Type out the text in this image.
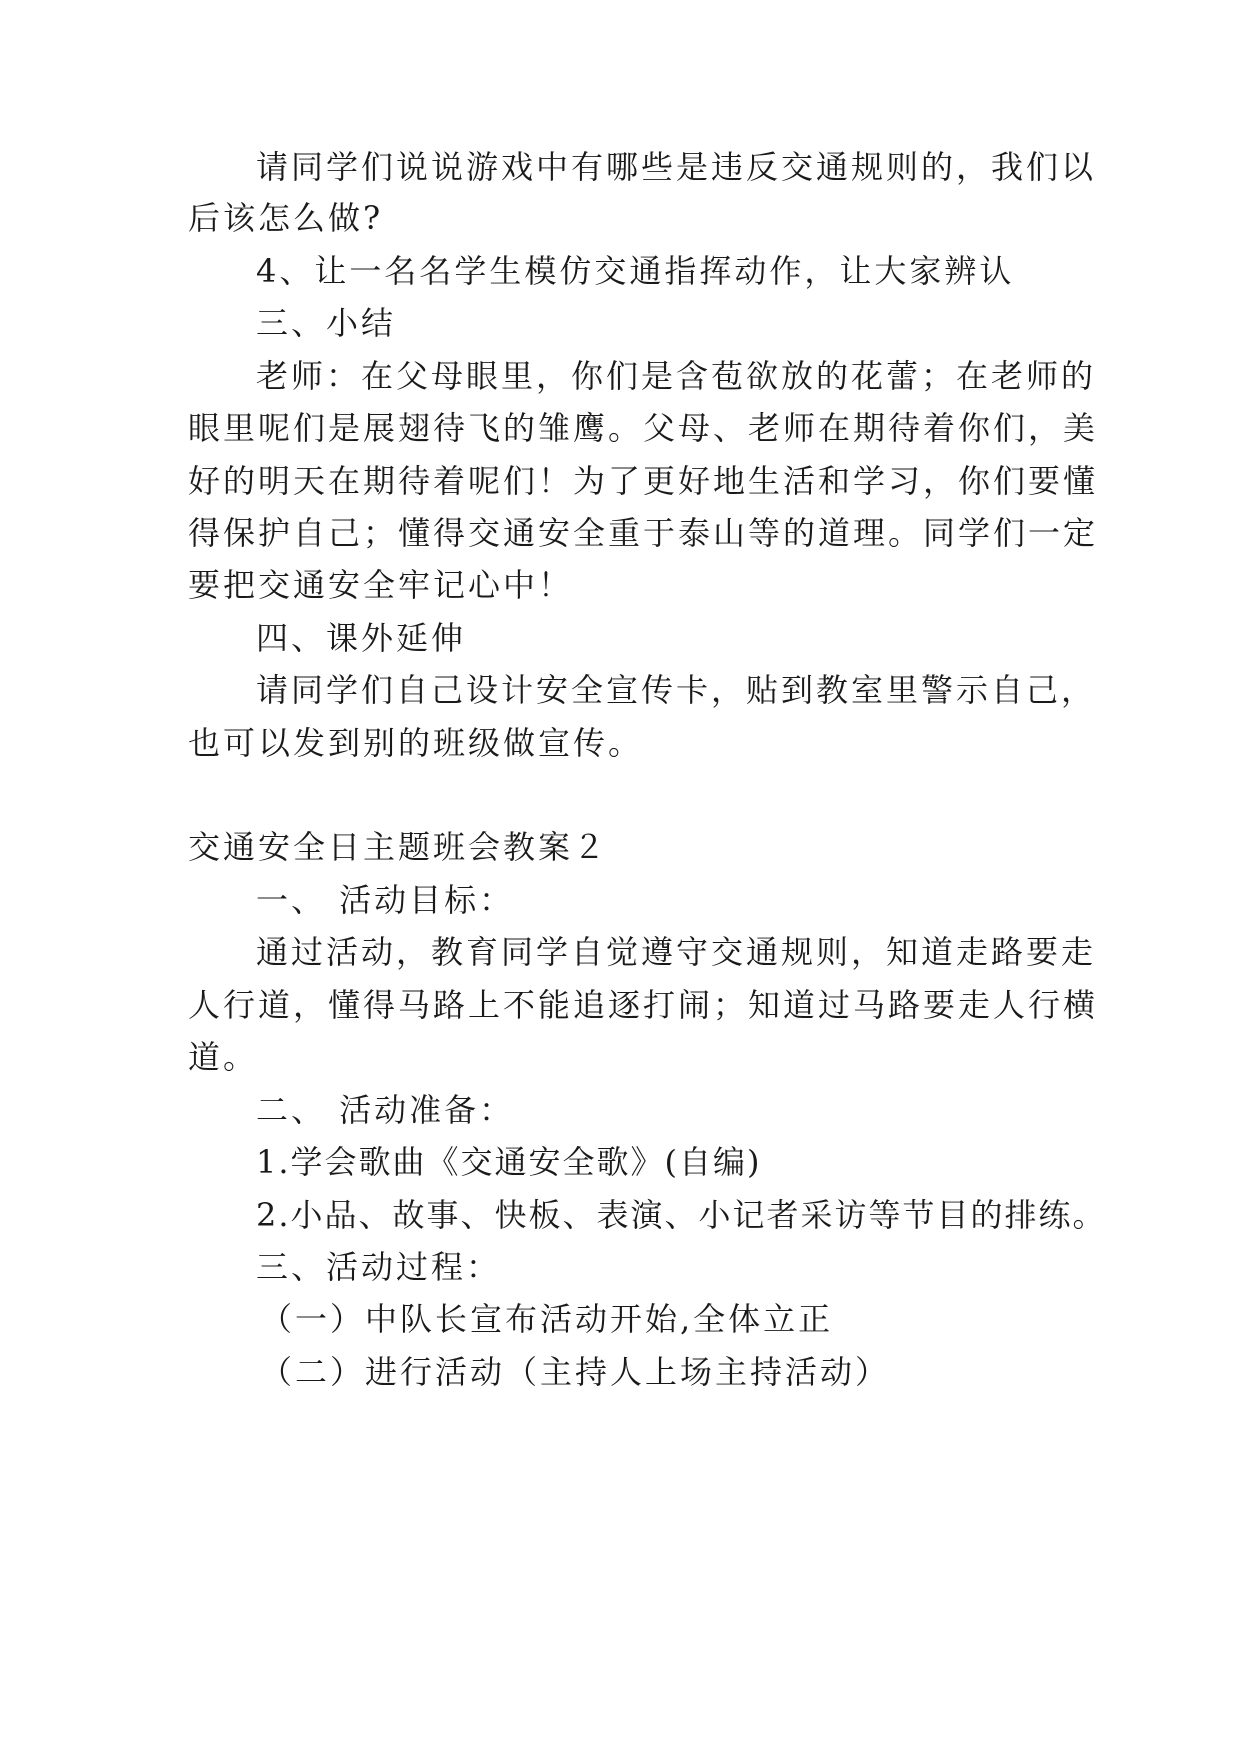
请同学们说说游戏中有哪些是违反交通规则的，我们以
后该怎么做?
4、让一名名学生模仿交通指挥动作，让大家辨认
三、小结
老师：在父母眼里，你们是含苞欲放的花蕾；在老师的
眼里呢们是展翅待飞的雏鹰。父母、老师在期待着你们，美
好的明天在期待着呢们！为了更好地生活和学习，你们要懂
得保护自己；懂得交通安全重于泰山等的道理。同学们一定
要把交通安全牢记心中！
四、课外延伸
请同学们自己设计安全宣传卡，贴到教室里警示自己，
也可以发到别的班级做宣传。
交通安全日主题班会教案２
一、 活动目标：
通过活动，教育同学自觉遵守交通规则，知道走路要走
人行道，懂得马路上不能追逐打闹；知道过马路要走人行横
道。
二、 活动准备：
1.学会歌曲《交通安全歌》(自编)
2.小品、故事、快板、表演、小记者采访等节目的排练。
三、活动过程：
（一）中队长宣布活动开始,全体立正
（二）进行活动（主持人上场主持活动）
